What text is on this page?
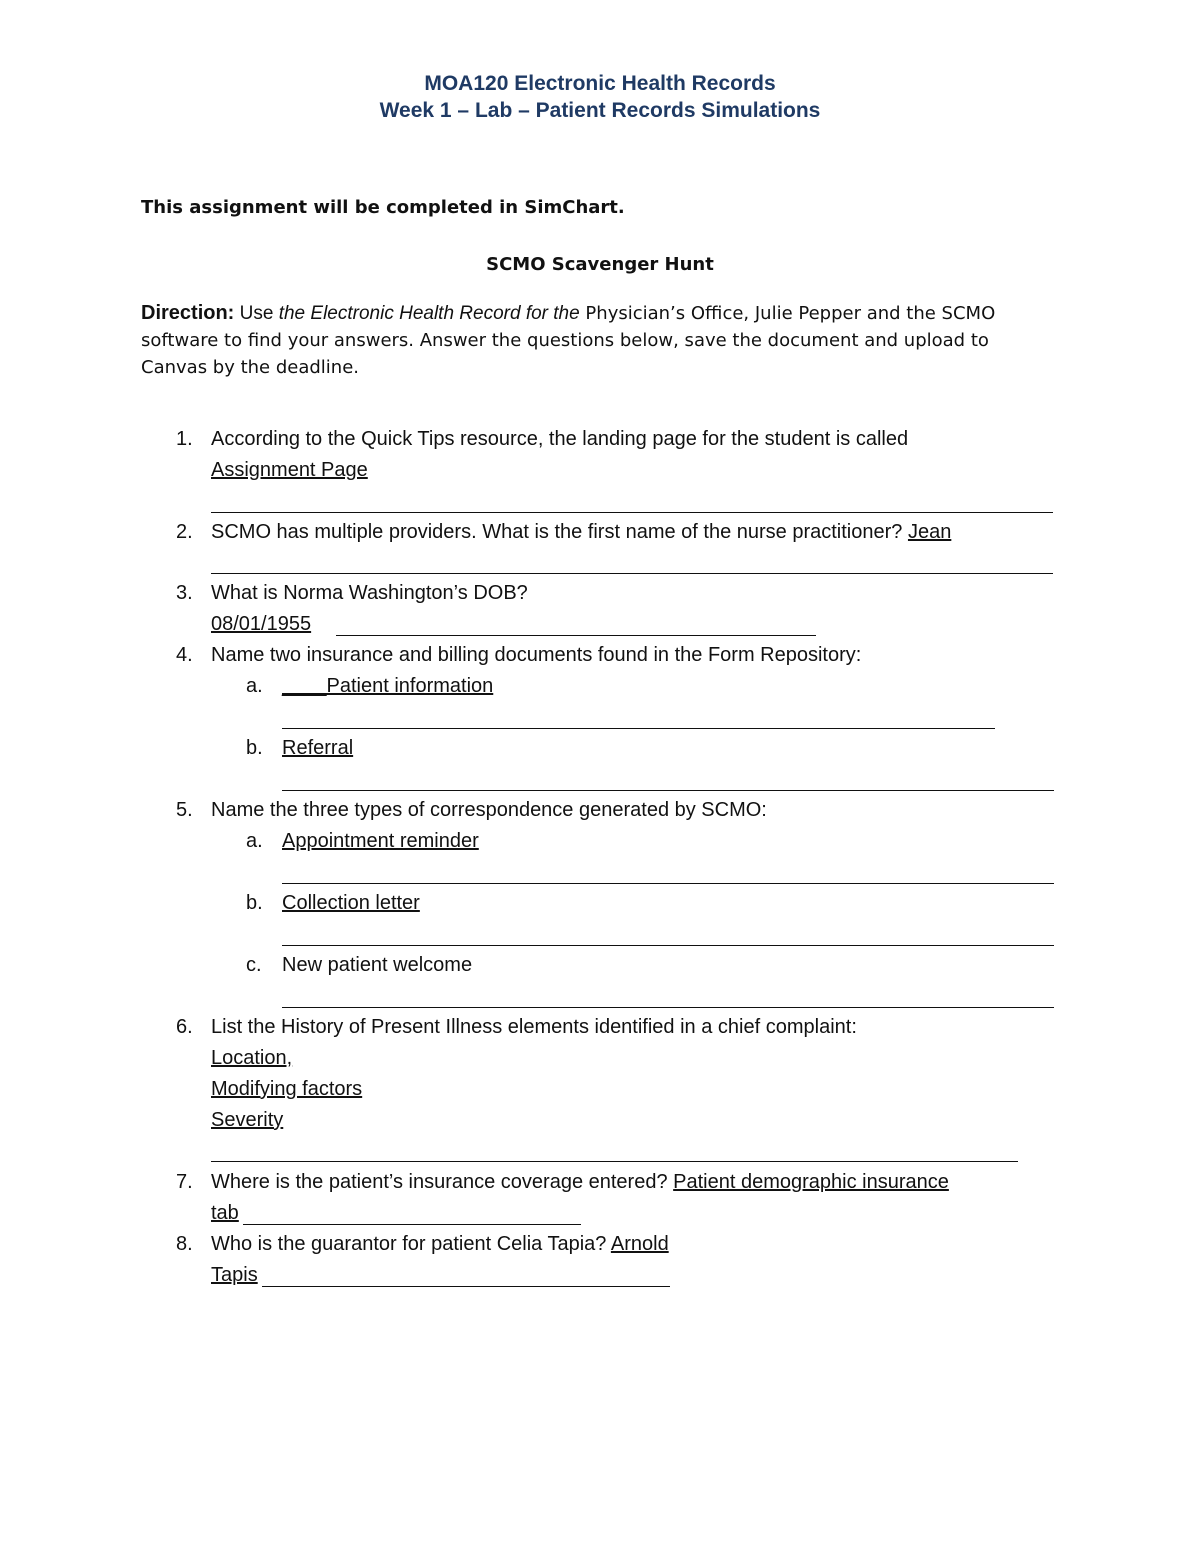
MOA120 Electronic Health Records
Week 1 – Lab – Patient Records Simulations
This assignment will be completed in SimChart.
SCMO Scavenger Hunt
Direction: Use the Electronic Health Record for the Physician’s Office, Julie Pepper and the SCMO software to find your answers. Answer the questions below, save the document and upload to Canvas by the deadline.
1. According to the Quick Tips resource, the landing page for the student is called
Assignment Page
2. SCMO has multiple providers. What is the first name of the nurse practitioner? Jean
3. What is Norma Washington’s DOB?
08/01/1955
4. Name two insurance and billing documents found in the Form Repository:
a. ____Patient information
b. Referral
5. Name the three types of correspondence generated by SCMO:
a. Appointment reminder
b. Collection letter
c. New patient welcome
6. List the History of Present Illness elements identified in a chief complaint:
Location,
Modifying factors
Severity
7. Where is the patient’s insurance coverage entered? Patient demographic insurance
tab
8. Who is the guarantor for patient Celia Tapia? Arnold
Tapis
